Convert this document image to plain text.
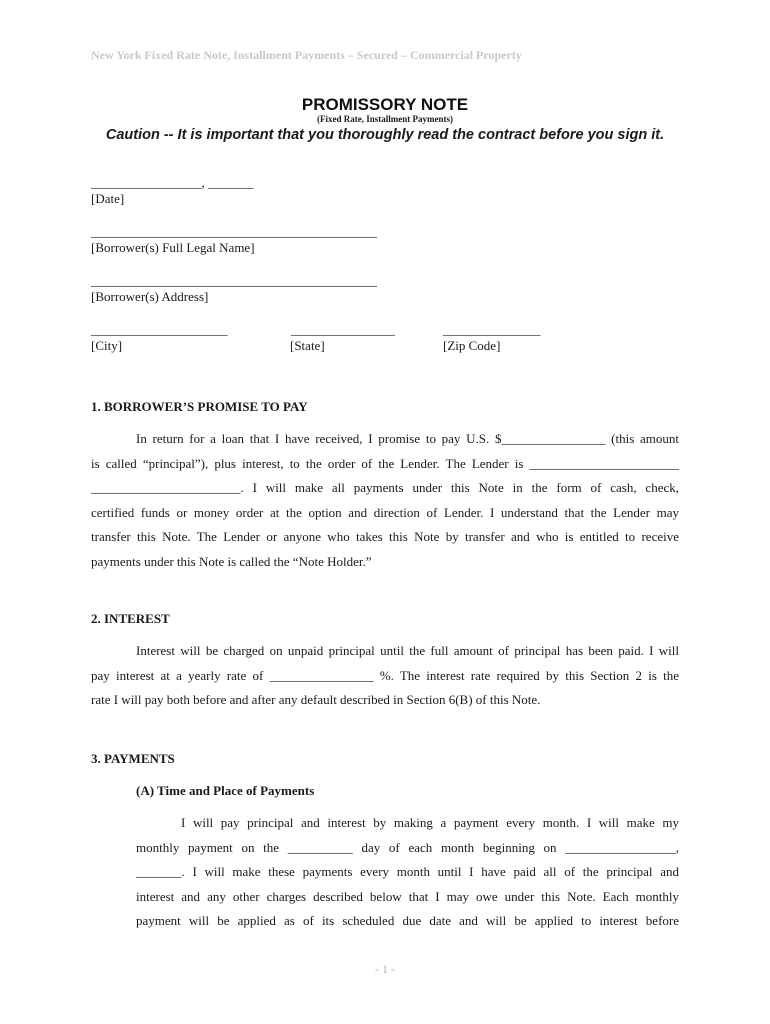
New York Fixed Rate Note, Installment Payments – Secured – Commercial Property
PROMISSORY NOTE
(Fixed Rate, Installment Payments)
Caution -- It is important that you thoroughly read the contract before you sign it.
_________________, _______
[Date]
____________________________________________
[Borrower(s) Full Legal Name]
____________________________________________
[Borrower(s) Address]
_____________________
[City]
________________
[State]
_______________
[Zip Code]
1. BORROWER’S PROMISE TO PAY
In return for a loan that I have received, I promise to pay U.S. $________________ (this amount
is called “principal”), plus interest, to the order of the Lender. The Lender is _______________________
_______________________. I will make all payments under this Note in the form of cash, check,
certified funds or money order at the option and direction of Lender. I understand that the Lender may
transfer this Note. The Lender or anyone who takes this Note by transfer and who is entitled to receive
payments under this Note is called the “Note Holder.”
2. INTEREST
Interest will be charged on unpaid principal until the full amount of principal has been paid. I will
pay interest at a yearly rate of ________________ %. The interest rate required by this Section 2 is the
rate I will pay both before and after any default described in Section 6(B) of this Note.
3. PAYMENTS
(A) Time and Place of Payments
I will pay principal and interest by making a payment every month. I will make my
monthly payment on the __________ day of each month beginning on _________________,
_______. I will make these payments every month until I have paid all of the principal and
interest and any other charges described below that I may owe under this Note. Each monthly
payment will be applied as of its scheduled due date and will be applied to interest before
- 1 -
